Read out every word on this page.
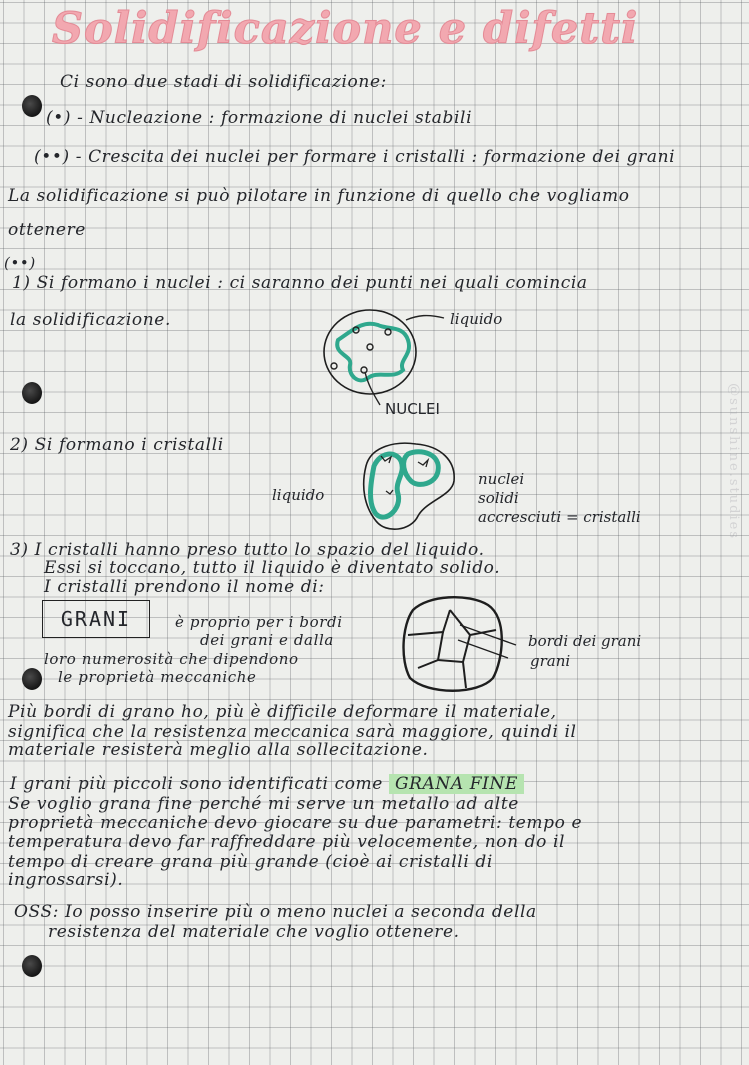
Solidificazione e difetti
Ci sono due stadi di solidificazione:
(•) - Nucleazione : formazione di nuclei stabili
(••) - Crescita dei nuclei per formare i cristalli : formazione dei grani
La solidificazione si può pilotare in funzione di quello che vogliamo
ottenere
(••)
1) Si formano i nuclei : ci saranno dei punti nei quali comincia
la solidificazione.	liquido
NUCLEI
2) Si formano i cristalli
liquido
nuclei
solidi
accresciuti = cristalli
3) I cristalli hanno preso tutto lo spazio del liquido.
Essi si toccano, tutto il liquido è diventato solido.
I cristalli prendono il nome di:
GRANI	è proprio per i bordi
dei grani e dalla
loro numerosità che dipendono
le proprietà meccaniche
bordi dei grani
grani
Più bordi di grano ho, più è difficile deformare il materiale,
significa che la resistenza meccanica sarà maggiore, quindi il
materiale resisterà meglio alla sollecitazione.
I grani più piccoli sono identificati come GRANA FINE
Se voglio grana fine perché mi serve un metallo ad alte
proprietà meccaniche devo giocare su due parametri: tempo e
temperatura devo far raffreddare più velocemente, non do il
tempo di creare grana più grande (cioè ai cristalli di
ingrossarsi).
OSS: Io posso inserire più o meno nuclei a seconda della
resistenza del materiale che voglio ottenere.
@sunshine.studies
